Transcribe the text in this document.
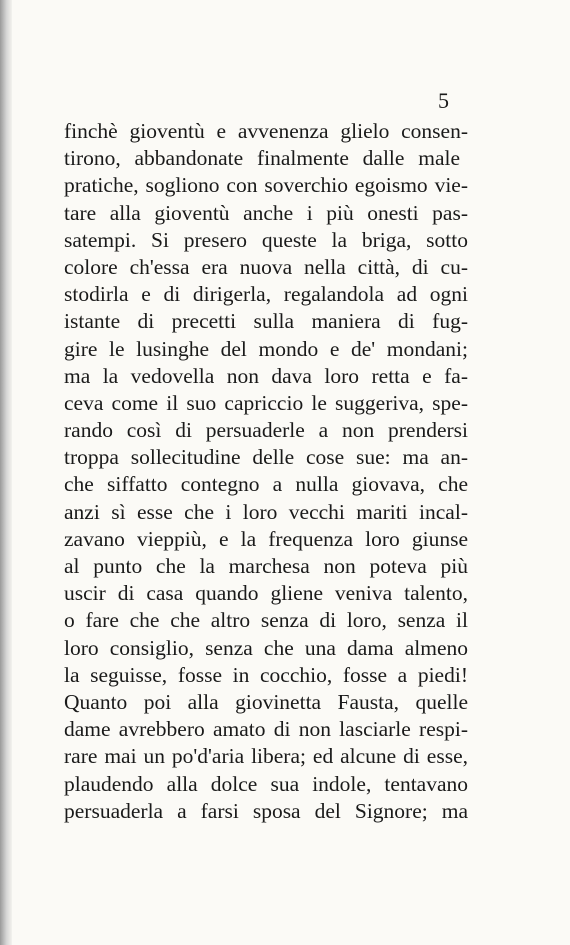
5
finchè gioventù e avvenenza glielo consen-
tirono, abbandonate finalmente dalle male
pratiche, sogliono con soverchio egoismo vie-
tare alla gioventù anche i più onesti pas-
satempi. Si presero queste la briga, sotto
colore ch'essa era nuova nella città, di cu-
stodirla e di dirigerla, regalandola ad ogni
istante di precetti sulla maniera di fug-
gire le lusinghe del mondo e de' mondani;
ma la vedovella non dava loro retta e fa-
ceva come il suo capriccio le suggeriva, spe-
rando così di persuaderle a non prendersi
troppa sollecitudine delle cose sue: ma an-
che siffatto contegno a nulla giovava, che
anzi sì esse che i loro vecchi mariti incal-
zavano vieppiù, e la frequenza loro giunse
al punto che la marchesa non poteva più
uscir di casa quando gliene veniva talento,
o fare che che altro senza di loro, senza il
loro consiglio, senza che una dama almeno
la seguisse, fosse in cocchio, fosse a piedi!
Quanto poi alla giovinetta Fausta, quelle
dame avrebbero amato di non lasciarle respi-
rare mai un po'd'aria libera; ed alcune di esse,
plaudendo alla dolce sua indole, tentavano
persuaderla a farsi sposa del Signore; ma
